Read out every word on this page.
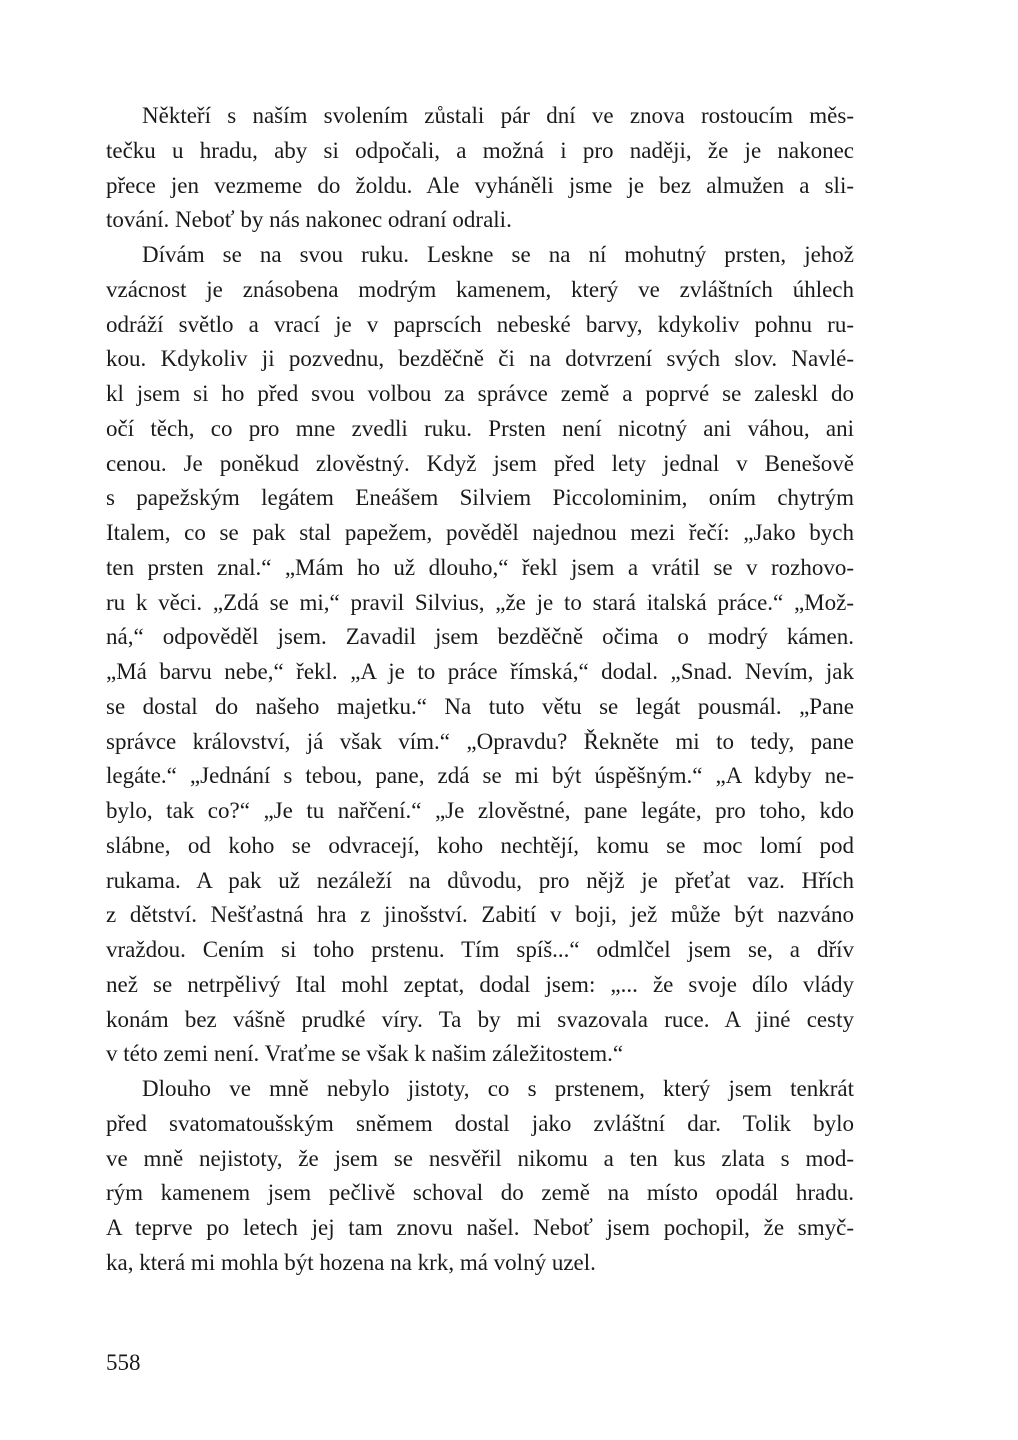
Někteří s naším svolením zůstali pár dní ve znova rostoucím měs-
tečku u hradu, aby si odpočali, a možná i pro naději, že je nakonec
přece jen vezmeme do žoldu. Ale vyháněli jsme je bez almužen a sli-
tování. Neboť by nás nakonec odraní odrali.

Dívám se na svou ruku. Leskne se na ní mohutný prsten, jehož
vzácnost je znásobena modrým kamenem, který ve zvláštních úhlech
odráží světlo a vrací je v paprscích nebeské barvy, kdykoliv pohnu ru-
kou. Kdykoliv ji pozvednu, bezděčně či na dotvrzení svých slov. Navlé-
kl jsem si ho před svou volbou za správce země a poprvé se zaleskl do
očí těch, co pro mne zvedli ruku. Prsten není nicotný ani váhou, ani
cenou. Je poněkud zlověstný. Když jsem před lety jednal v Benešově
s papežským legátem Eneášem Silviem Piccolominim, oním chytrým
Italem, co se pak stal papežem, pověděl najednou mezi řečí: „Jako bych
ten prsten znal.“ „Mám ho už dlouho,“ řekl jsem a vrátil se v rozhovo-
ru k věci. „Zdá se mi,“ pravil Silvius, „že je to stará italská práce.“ „Mož-
ná,“ odpověděl jsem. Zavadil jsem bezděčně očima o modrý kámen.
„Má barvu nebe,“ řekl. „A je to práce římská,“ dodal. „Snad. Nevím, jak
se dostal do našeho majetku.“ Na tuto větu se legát pousmál. „Pane
správce království, já však vím.“ „Opravdu? Řekněte mi to tedy, pane
legáte.“ „Jednání s tebou, pane, zdá se mi být úspěšným.“ „A kdyby ne-
bylo, tak co?“ „Je tu nařčení.“ „Je zlověstné, pane legáte, pro toho, kdo
slábne, od koho se odvracejí, koho nechtějí, komu se moc lomí pod
rukama. A pak už nezáleží na důvodu, pro nějž je přeťat vaz. Hřích
z dětství. Nešťastná hra z jinošství. Zabití v boji, jež může být nazváno
vraždou. Cením si toho prstenu. Tím spíš...“ odmlčel jsem se, a dřív
než se netrpělivý Ital mohl zeptat, dodal jsem: „... že svoje dílo vlády
konám bez vášně prudké víry. Ta by mi svazovala ruce. A jiné cesty
v této zemi není. Vraťme se však k našim záležitostem.“

Dlouho ve mně nebylo jistoty, co s prstenem, který jsem tenkrát
před svatomatoušským sněmem dostal jako zvláštní dar. Tolik bylo
ve mně nejistoty, že jsem se nesvěřil nikomu a ten kus zlata s mod-
rým kamenem jsem pečlivě schoval do země na místo opodál hradu.
A teprve po letech jej tam znovu našel. Neboť jsem pochopil, že smyč-
ka, která mi mohla být hozena na krk, má volný uzel.

558
